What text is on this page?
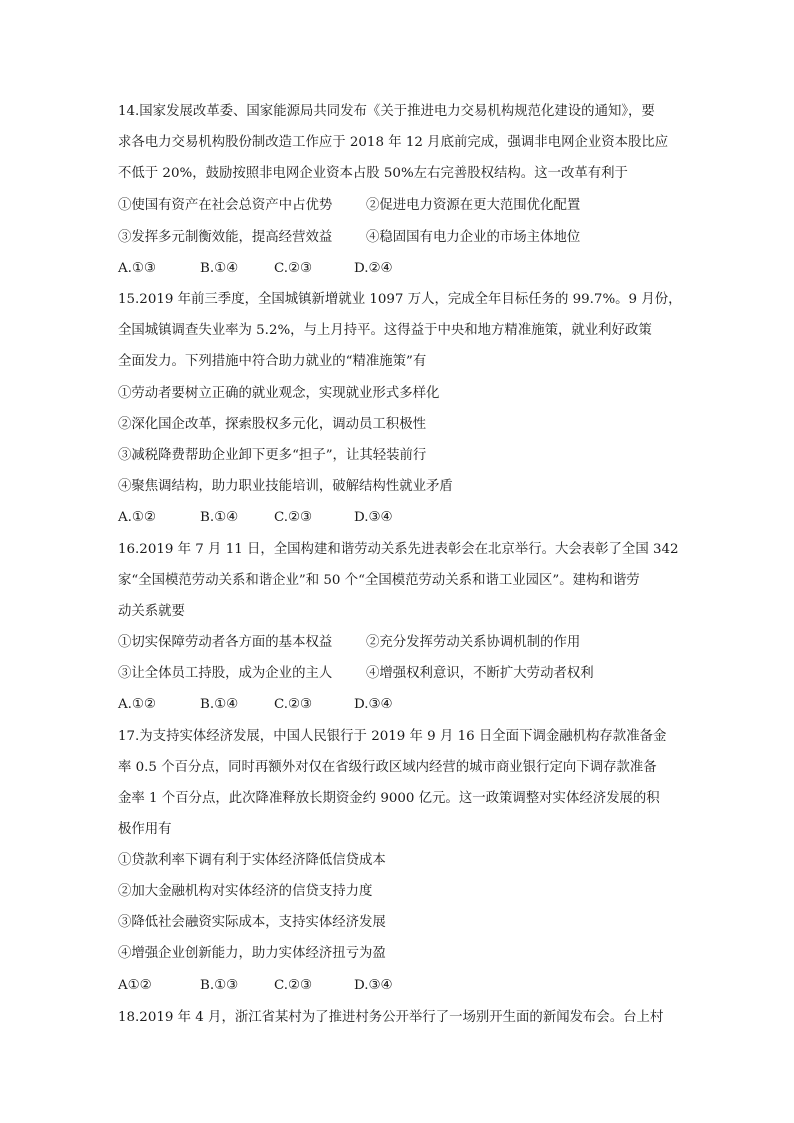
14.国家发展改革委、国家能源局共同发布《关于推进电力交易机构规范化建设的通知》，要
求各电力交易机构股份制改造工作应于 2018 年 12 月底前完成，强调非电网企业资本股比应
不低于 20%，鼓励按照非电网企业资本占股 50%左右完善股权结构。这一改革有利于
①使国有资产在社会总资产中占优势	②促进电力资源在更大范围优化配置
③发挥多元制衡效能，提高经营效益	④稳固国有电力企业的市场主体地位
A.①③	B.①④	C.②③	D.②④
15.2019 年前三季度，全国城镇新增就业 1097 万人，完成全年目标任务的 99.7%。9 月份，
全国城镇调查失业率为 5.2%，与上月持平。这得益于中央和地方精准施策，就业利好政策
全面发力。下列措施中符合助力就业的“精准施策”有
①劳动者要树立正确的就业观念，实现就业形式多样化
②深化国企改革，探索股权多元化，调动员工积极性
③减税降费帮助企业卸下更多“担子”，让其轻装前行
④聚焦调结构，助力职业技能培训，破解结构性就业矛盾
A.①②	B.①④	C.②③	D.③④
16.2019 年 7 月 11 日，全国构建和谐劳动关系先进表彰会在北京举行。大会表彰了全国 342
家“全国模范劳动关系和谐企业”和 50 个“全国模范劳动关系和谐工业园区”。建构和谐劳
动关系就要
①切实保障劳动者各方面的基本权益	②充分发挥劳动关系协调机制的作用
③让全体员工持股，成为企业的主人	④增强权利意识，不断扩大劳动者权利
A.①②	B.①④	C.②③	D.③④
17.为支持实体经济发展，中国人民银行于 2019 年 9 月 16 日全面下调金融机构存款准备金
率 0.5 个百分点，同时再额外对仅在省级行政区域内经营的城市商业银行定向下调存款准备
金率 1 个百分点，此次降准释放长期资金约 9000 亿元。这一政策调整对实体经济发展的积
极作用有
①贷款利率下调有利于实体经济降低信贷成本
②加大金融机构对实体经济的信贷支持力度
③降低社会融资实际成本，支持实体经济发展
④增强企业创新能力，助力实体经济扭亏为盈
A①②	B.①③	C.②③	D.③④
18.2019 年 4 月，浙江省某村为了推进村务公开举行了一场别开生面的新闻发布会。台上村
